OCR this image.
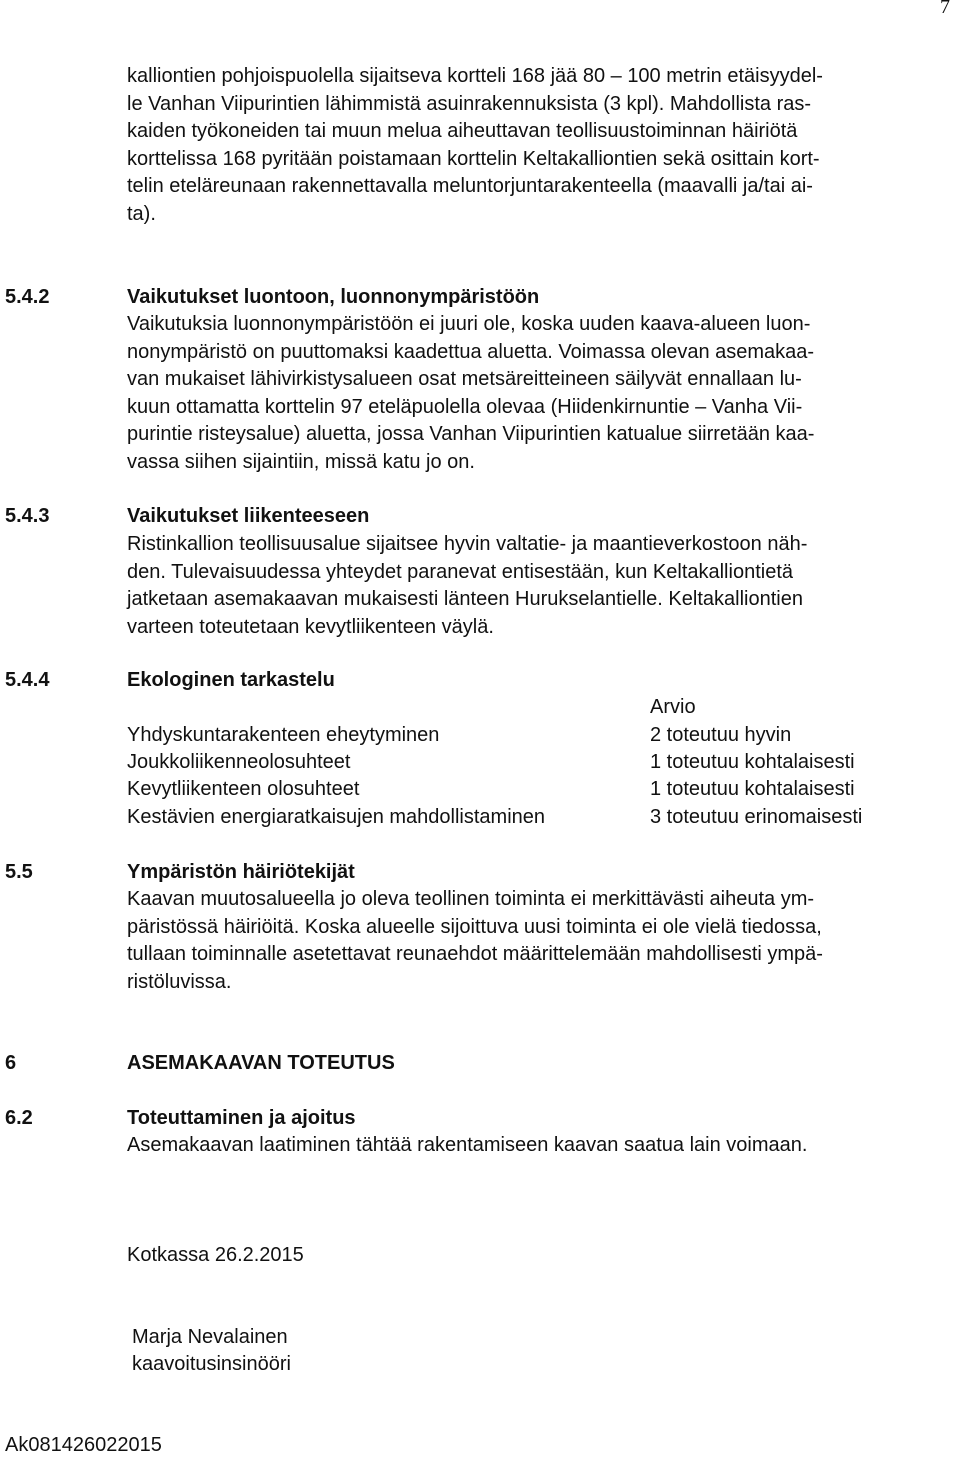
7

kalliontien pohjoispuolella sijaitseva kortteli 168 jää 80 – 100 metrin etäisyydel-
le Vanhan Viipurintien lähimmistä asuinrakennuksista (3 kpl). Mahdollista ras-
kaiden työkoneiden tai muun melua aiheuttavan teollisuustoiminnan häiriötä
korttelissa 168 pyritään poistamaan korttelin Keltakalliontien sekä osittain kort-
telin eteläreunaan rakennettavalla meluntorjuntarakenteella (maavalli ja/tai ai-
ta).

5.4.2	Vaikutukset luontoon, luonnonympäristöön

Vaikutuksia luonnonympäristöön ei juuri ole, koska uuden kaava-alueen luon-
nonympäristö on puuttomaksi kaadettua aluetta. Voimassa olevan asemakaa-
van mukaiset lähivirkistysalueen osat metsäreitteineen säilyvät ennallaan lu-
kuun ottamatta korttelin 97 eteläpuolella olevaa (Hiidenkirnuntie – Vanha Vii-
purintie risteysalue) aluetta, jossa Vanhan Viipurintien katualue siirretään kaa-
vassa siihen sijaintiin, missä katu jo on.

5.4.3	Vaikutukset liikenteeseen

Ristinkallion teollisuusalue sijaitsee hyvin valtatie- ja maantieverkostoon näh-
den. Tulevaisuudessa yhteydet paranevat entisestään, kun Keltakalliontietä
jatketaan asemakaavan mukaisesti länteen Hurukselantielle. Keltakalliontien
varteen toteutetaan kevytliikenteen väylä.

5.4.4	Ekologinen tarkastelu
Arvio
Yhdyskuntarakenteen eheytyminen	2 toteutuu hyvin
Joukkoliikenneolosuhteet	1 toteutuu kohtalaisesti
Kevytliikenteen olosuhteet	1 toteutuu kohtalaisesti
Kestävien energiaratkaisujen mahdollistaminen	3 toteutuu erinomaisesti
5.5	Ympäristön häiriötekijät

Kaavan muutosalueella jo oleva teollinen toiminta ei merkittävästi aiheuta ym-
päristössä häiriöitä. Koska alueelle sijoittuva uusi toiminta ei ole vielä tiedossa,
tullaan toiminnalle asetettavat reunaehdot määrittelemään mahdollisesti ympä-
ristöluvissa.

6	ASEMAKAAVAN TOTEUTUS
6.2	Toteuttaminen ja ajoitus

Asemakaavan laatiminen tähtää rakentamiseen kaavan saatua lain voimaan.

Kotkassa 26.2.2015
Marja Nevalainen
kaavoitusinsinööri
Ak081426022015
